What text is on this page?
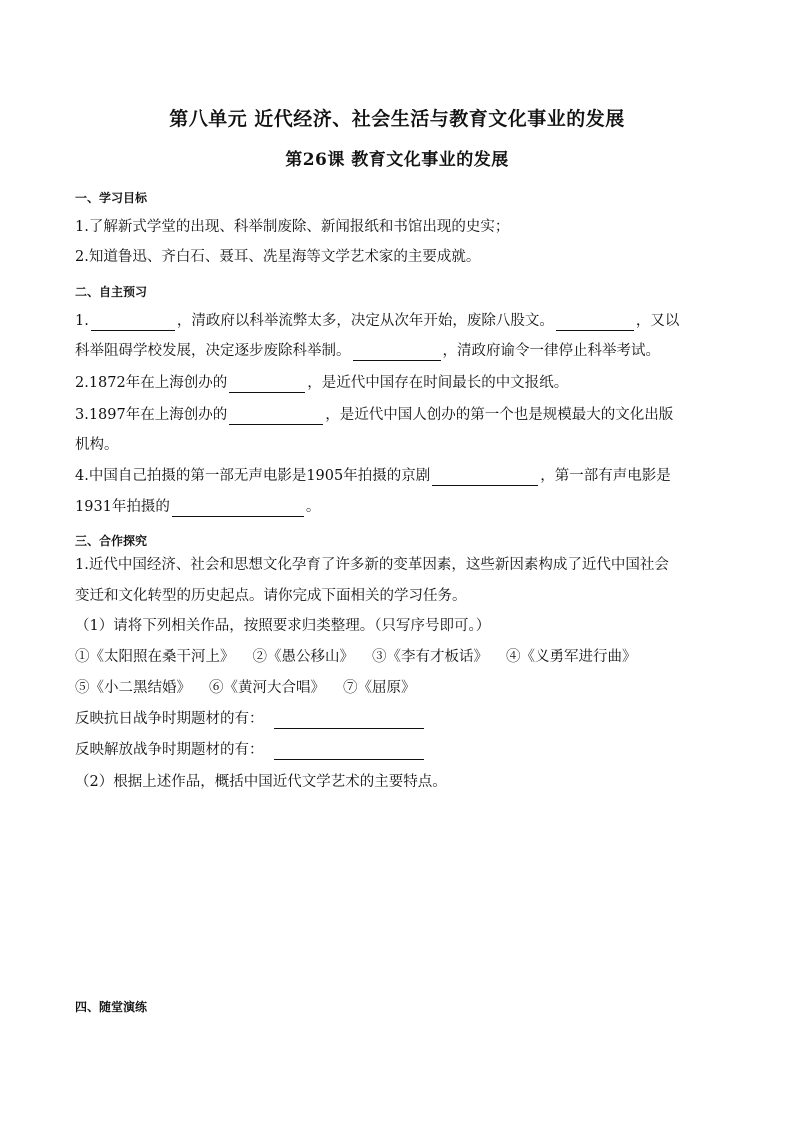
第八单元 近代经济、社会生活与教育文化事业的发展
第26课 教育文化事业的发展
一、学习目标
1.了解新式学堂的出现、科举制废除、新闻报纸和书馆出现的史实；
2.知道鲁迅、齐白石、聂耳、冼星海等文学艺术家的主要成就。
二、自主预习
1.	，清政府以科举流弊太多，决定从次年开始，废除八股文。	，又以
科举阻碍学校发展，决定逐步废除科举制。	，清政府谕令一律停止科举考试。
2.1872年在上海创办的	，是近代中国存在时间最长的中文报纸。
3.1897年在上海创办的	，是近代中国人创办的第一个也是规模最大的文化出版
机构。
4.中国自己拍摄的第一部无声电影是1905年拍摄的京剧	，第一部有声电影是
1931年拍摄的	。
三、合作探究
1.近代中国经济、社会和思想文化孕育了许多新的变革因素，这些新因素构成了近代中国社会
变迁和文化转型的历史起点。请你完成下面相关的学习任务。
（1）请将下列相关作品，按照要求归类整理。（只写序号即可。）
①《太阳照在桑干河上》 ②《愚公移山》 ③《李有才板话》 ④《义勇军进行曲》
⑤《小二黑结婚》 ⑥《黄河大合唱》 ⑦《屈原》
反映抗日战争时期题材的有：
反映解放战争时期题材的有：
（2）根据上述作品，概括中国近代文学艺术的主要特点。
四、随堂演练
